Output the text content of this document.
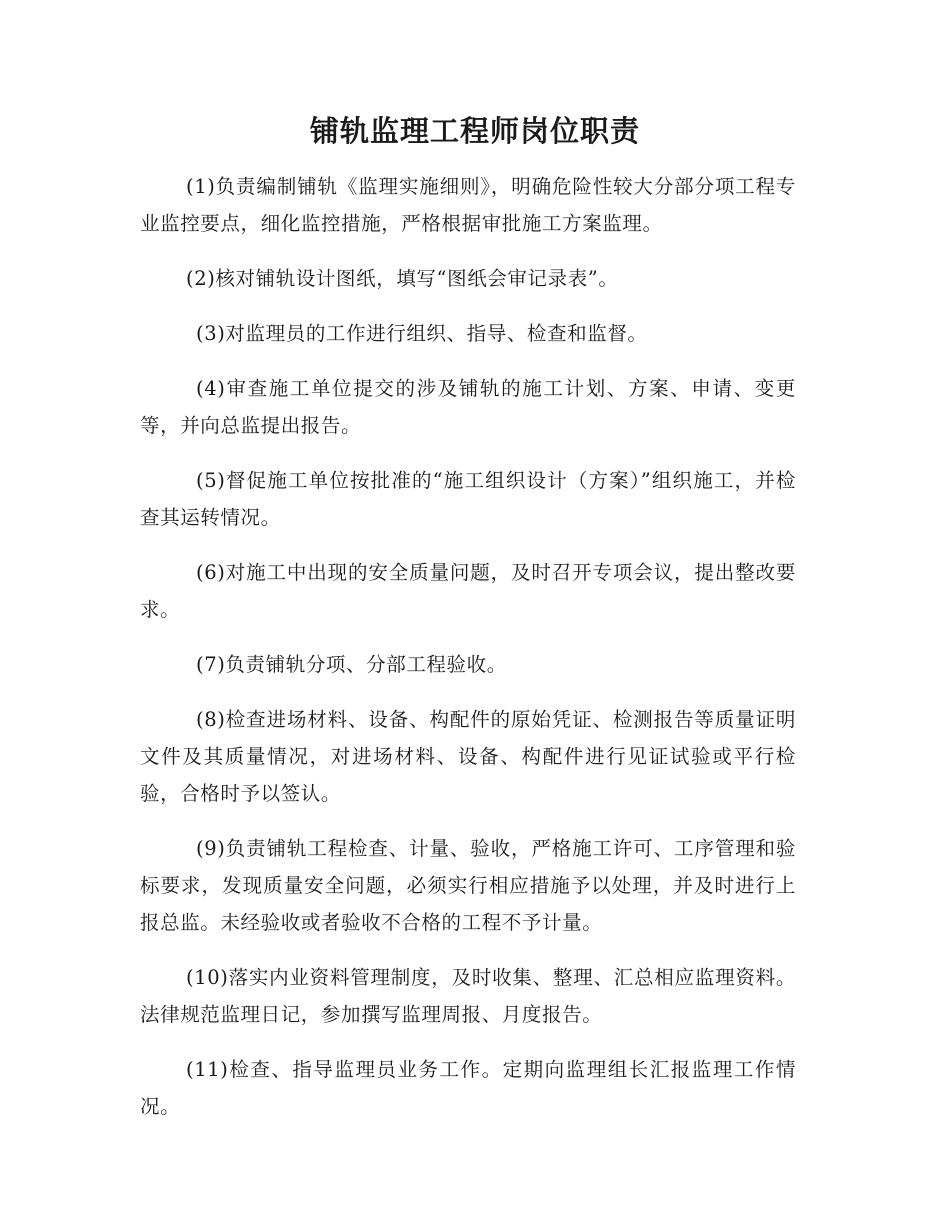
铺轨监理工程师岗位职责

(1)负责编制铺轨《监理实施细则》，明确危险性较大分部分项工程专业监控要点，细化监控措施，严格根据审批施工方案监理。

(2)核对铺轨设计图纸，填写“图纸会审记录表”。

(3)对监理员的工作进行组织、指导、检查和监督。

(4)审查施工单位提交的涉及铺轨的施工计划、方案、申请、变更等，并向总监提出报告。

(5)督促施工单位按批准的“施工组织设计（方案）”组织施工，并检查其运转情况。

(6)对施工中出现的安全质量问题，及时召开专项会议，提出整改要求。

(7)负责铺轨分项、分部工程验收。

(8)检查进场材料、设备、构配件的原始凭证、检测报告等质量证明文件及其质量情况，对进场材料、设备、构配件进行见证试验或平行检验，合格时予以签认。

(9)负责铺轨工程检查、计量、验收，严格施工许可、工序管理和验标要求，发现质量安全问题，必须实行相应措施予以处理，并及时进行上报总监。未经验收或者验收不合格的工程不予计量。

(10)落实内业资料管理制度，及时收集、整理、汇总相应监理资料。法律规范监理日记，参加撰写监理周报、月度报告。

(11)检查、指导监理员业务工作。定期向监理组长汇报监理工作情况。
